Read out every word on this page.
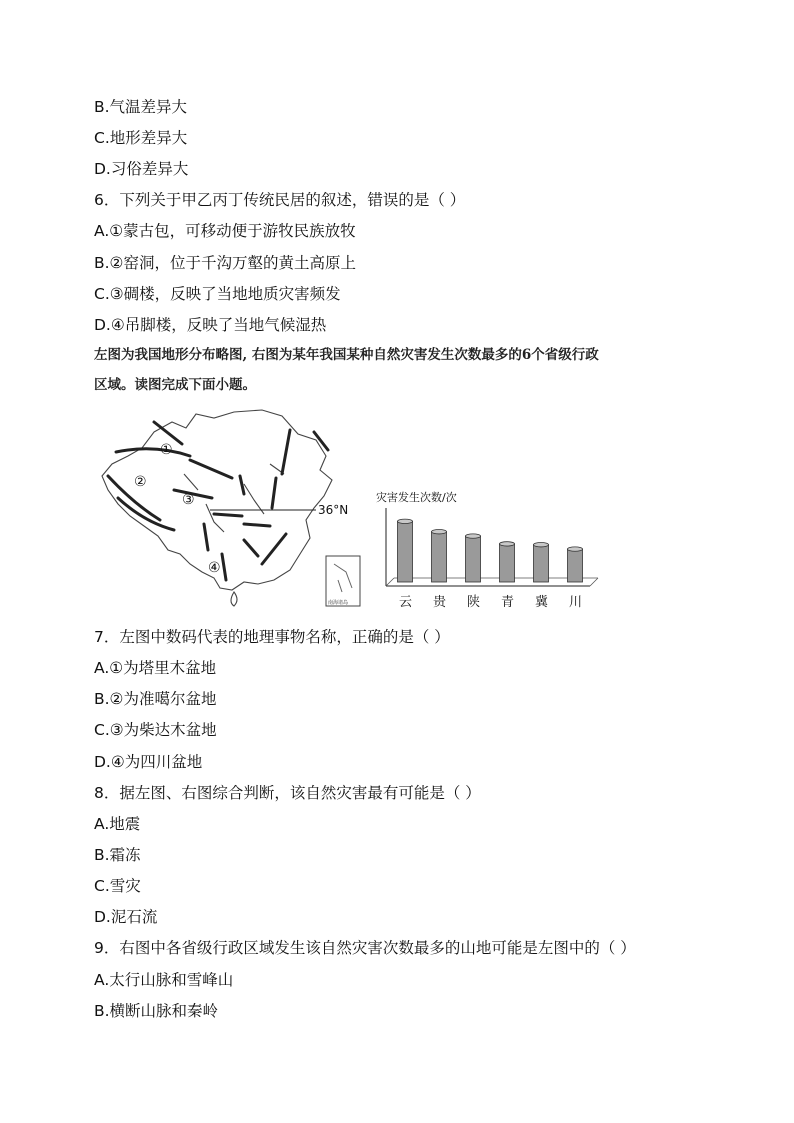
B.气温差异大
C.地形差异大
D.习俗差异大
6．下列关于甲乙丙丁传统民居的叙述，错误的是（ ）
A.①蒙古包，可移动便于游牧民族放牧
B.②窑洞，位于千沟万壑的黄土高原上
C.③碉楼，反映了当地地质灾害频发
D.④吊脚楼，反映了当地气候湿热
左图为我国地形分布略图, 右图为某年我国某种自然灾害发生次数最多的6个省级行政
区域。读图完成下面小题。
①
②
③
④
36°N
南海诸岛
灾害发生次数/次
云 贵 陕 青 冀 川
7．左图中数码代表的地理事物名称，正确的是（ ）
A.①为塔里木盆地
B.②为准噶尔盆地
C.③为柴达木盆地
D.④为四川盆地
8．据左图、右图综合判断，该自然灾害最有可能是（ ）
A.地震
B.霜冻
C.雪灾
D.泥石流
9．右图中各省级行政区域发生该自然灾害次数最多的山地可能是左图中的（ ）
A.太行山脉和雪峰山
B.横断山脉和秦岭
